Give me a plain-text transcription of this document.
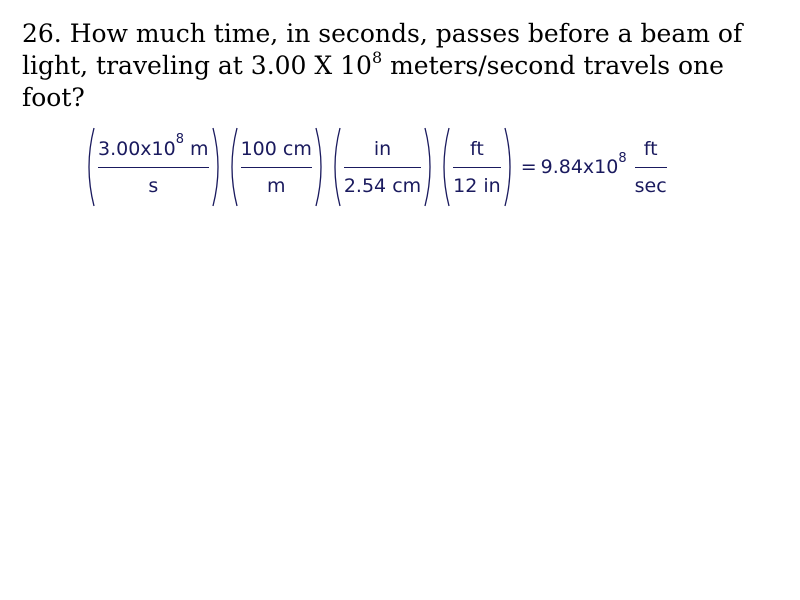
26. How much time, in seconds, passes before a beam of light, traveling at 3.00 X $10^8$ meters/second travels one foot?
$\frac{3.00x10^8 m}{s} \frac{100 cm}{m} \frac{in}{2.54 cm} \frac{ft}{12 in} = 9.84x10^8 \frac{ft}{\sec}$
